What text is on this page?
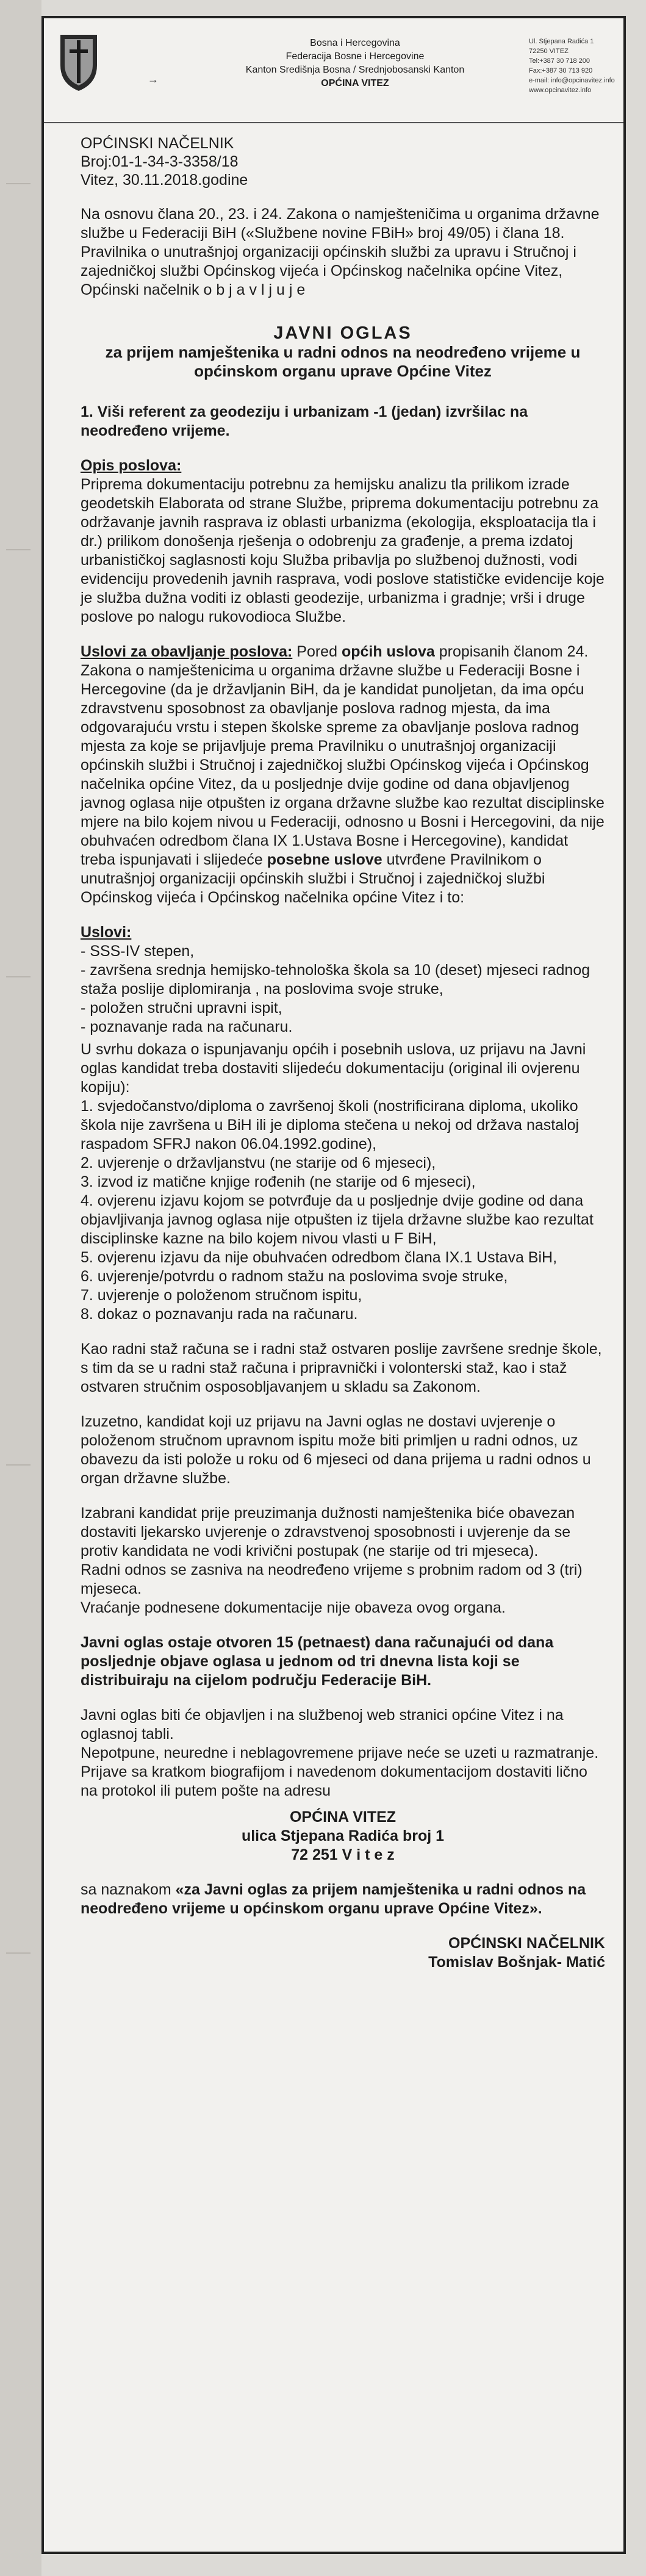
→
Bosna i Hercegovina
Federacija Bosne i Hercegovine
Kanton Središnja Bosna / Srednjobosanski Kanton
OPĆINA VITEZ
Ul. Stjepana Radića 1
72250 VITEZ
Tel:+387 30 718 200
Fax:+387 30 713 920
e-mail: info@opcinavitez.info
www.opcinavitez.info
OPĆINSKI NAČELNIK
Broj:01-1-34-3-3358/18
Vitez, 30.11.2018.godine
Na osnovu člana 20., 23. i 24. Zakona o namješteničima u organima državne službe u Federaciji BiH («Službene novine FBiH» broj 49/05) i člana 18. Pravilnika o unutrašnjoj organizaciji općinskih službi za upravu i Stručnoj i zajedničkoj službi Općinskog vijeća i Općinskog načelnika općine Vitez, Općinski načelnik o b j a v l j u j e
JAVNI OGLAS
za prijem namještenika u radni odnos na neodređeno vrijeme u općinskom organu uprave Općine Vitez
1. Viši referent za geodeziju i urbanizam -1 (jedan) izvršilac na neodređeno vrijeme.
Opis poslova:
Priprema dokumentaciju potrebnu za hemijsku analizu tla prilikom izrade geodetskih Elaborata od strane Službe, priprema dokumentaciju potrebnu za održavanje javnih rasprava iz oblasti urbanizma (ekologija, eksploatacija tla i dr.) prilikom donošenja rješenja o odobrenju za građenje, a prema izdatoj urbanističkoj saglasnosti koju Služba pribavlja po službenoj dužnosti, vodi evidenciju provedenih javnih rasprava, vodi poslove statističke evidencije koje je služba dužna voditi iz oblasti geodezije, urbanizma i gradnje; vrši i druge poslove po nalogu rukovodioca Službe.
Uslovi za obavljanje poslova: Pored općih uslova propisanih članom 24. Zakona o namještenicima u organima državne službe u Federaciji Bosne i Hercegovine (da je državljanin BiH, da je kandidat punoljetan, da ima opću zdravstvenu sposobnost za obavljanje poslova radnog mjesta, da ima odgovarajuću vrstu i stepen školske spreme za obavljanje poslova radnog mjesta za koje se prijavljuje prema Pravilniku o unutrašnjoj organizaciji općinskih službi i Stručnoj i zajedničkoj službi Općinskog vijeća i Općinskog načelnika općine Vitez, da u posljednje dvije godine od dana objavljenog javnog oglasa nije otpušten iz organa državne službe kao rezultat disciplinske mjere na bilo kojem nivou u Federaciji, odnosno u Bosni i Hercegovini, da nije obuhvaćen odredbom člana IX 1.Ustava Bosne i Hercegovine), kandidat treba ispunjavati i slijedeće posebne uslove utvrđene Pravilnikom o unutrašnjoj organizaciji općinskih službi i Stručnoj i zajedničkoj službi Općinskog vijeća i Općinskog načelnika općine Vitez i to:
Uslovi:
- SSS-IV stepen,
- završena srednja hemijsko-tehnološka škola sa 10 (deset) mjeseci radnog staža poslije diplomiranja , na poslovima svoje struke,
- položen stručni upravni ispit,
- poznavanje rada na računaru.
U svrhu dokaza o ispunjavanju općih i posebnih uslova, uz prijavu na Javni oglas kandidat treba dostaviti slijedeću dokumentaciju (original ili ovjerenu kopiju):
1. svjedočanstvo/diploma o završenoj školi (nostrificirana diploma, ukoliko škola nije završena u BiH ili je diploma stečena u nekoj od država nastaloj raspadom SFRJ nakon 06.04.1992.godine),
2. uvjerenje o državljanstvu (ne starije od 6 mjeseci),
3. izvod iz matične knjige rođenih (ne starije od 6 mjeseci),
4. ovjerenu izjavu kojom se potvrđuje da u posljednje dvije godine od dana objavljivanja javnog oglasa nije otpušten iz tijela državne službe kao rezultat disciplinske kazne na bilo kojem nivou vlasti u F BiH,
5. ovjerenu izjavu da nije obuhvaćen odredbom člana IX.1 Ustava BiH,
6. uvjerenje/potvrdu o radnom stažu na poslovima svoje struke,
7. uvjerenje o položenom stručnom ispitu,
8. dokaz o poznavanju rada na računaru.
Kao radni staž računa se i radni staž ostvaren poslije završene srednje škole, s tim da se u radni staž računa i pripravnički i volonterski staž, kao i staž ostvaren stručnim osposobljavanjem u skladu sa Zakonom.
Izuzetno, kandidat koji uz prijavu na Javni oglas ne dostavi uvjerenje o položenom stručnom upravnom ispitu može biti primljen u radni odnos, uz obavezu da isti polože u roku od 6 mjeseci od dana prijema u radni odnos u organ državne službe.
Izabrani kandidat prije preuzimanja dužnosti namještenika biće obavezan dostaviti ljekarsko uvjerenje o zdravstvenoj sposobnosti i uvjerenje da se protiv kandidata ne vodi krivični postupak (ne starije od tri mjeseca).
Radni odnos se zasniva na neodređeno vrijeme s probnim radom od 3 (tri) mjeseca.
Vraćanje podnesene dokumentacije nije obaveza ovog organa.
Javni oglas ostaje otvoren 15 (petnaest) dana računajući od dana posljednje objave oglasa u jednom od tri dnevna lista koji se distribuiraju na cijelom području Federacije BiH.
Javni oglas biti će objavljen i na službenoj web stranici općine Vitez i na oglasnoj tabli.
Nepotpune, neuredne i neblagovremene prijave neće se uzeti u razmatranje.
Prijave sa kratkom biografijom i navedenom dokumentacijom dostaviti lično na protokol ili putem pošte na adresu
OPĆINA VITEZ
ulica Stjepana Radića broj 1
72 251 V i t e z
sa naznakom «za Javni oglas za prijem namještenika u radni odnos na neodređeno vrijeme u općinskom organu uprave Općine Vitez».
OPĆINSKI NAČELNIK
Tomislav Bošnjak- Matić
